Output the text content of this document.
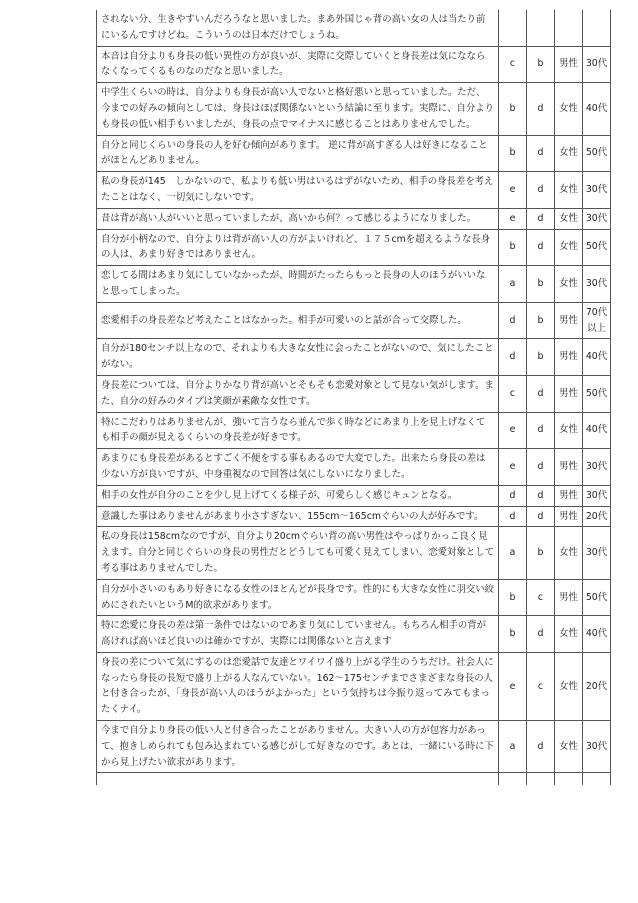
されない分、生きやすいんだろうなと思いました。まあ外国じゃ背の高い女の人は当たり前にいるんですけどね。こういうのは日本だけでしょうね。				
本音は自分よりも身長の低い異性の方が良いが、実際に交際していくと身長差は気になならなくなってくるものなのだなと思いました。	c	b	男性	30代
中学生くらいの時は、自分よりも身長が高い人でないと格好悪いと思っていました。ただ、今までの好みの傾向としては、身長はほぼ関係ないという結論に至ります。実際に、自分よりも身長の低い相手もいましたが、身長の点でマイナスに感じることはありませんでした。	b	d	女性	40代
自分と同じくらいの身長の人を好む傾向があります。 逆に背が高すぎる人は好きになることがほとんどありません。	b	d	女性	50代
私の身長が145　しかないので、私よりも低い男はいるはずがないため、相手の身長差を考えたことはなく、一切気にしないです。	e	d	女性	30代
昔は背が高い人がいいと思っていましたが、高いから何？って感じるようになりました。	e	d	女性	30代
自分が小柄なので、自分よりは背が高い人の方がよいけれど、１７５cmを超えるような長身の人は、あまり好きではありません。	b	d	女性	50代
恋してる間はあまり気にしていなかったが、時間がたったらもっと長身の人のほうがいいなと思ってしまった。	a	b	女性	30代
恋愛相手の身長差など考えたことはなかった。相手が可愛いのと話が合って交際した。	d	b	男性	70代以上
自分が180センチ以上なので、それよりも大きな女性に会ったことがないので、気にしたことがない。	d	b	男性	40代
身長差については、自分よりかなり背が高いとそもそも恋愛対象として見ない気がします。また、自分の好みのタイプは笑顔が素敵な女性です。	c	d	男性	50代
特にこだわりはありませんが、強いて言うなら並んで歩く時などにあまり上を見上げなくても相手の顔が見えるくらいの身長差が好きです。	e	d	女性	40代
あまりにも身長差があるとすごく不便をする事もあるので大変でした。出来たら身長の差は少ない方が良いですが、中身重視なので回答は気にしないになりました。	e	d	男性	30代
相手の女性が自分のことを少し見上げてくる様子が、可愛らしく感じキュンとなる。	d	d	男性	30代
意識した事はありませんがあまり小さすぎない、155cm〜165cmぐらいの人が好みです。	d	d	男性	20代
私の身長は158cmなのですが、自分より20cmぐらい背の高い男性はやっぱりかっこ良く見えます。自分と同じぐらいの身長の男性だとどうしても可愛く見えてしまい、恋愛対象として考る事はありませんでした。	a	b	女性	30代
自分が小さいのもあり好きになる女性のほとんどが長身です。性的にも大きな女性に羽交い絞めにされたいというM的欲求があります。	b	c	男性	50代
特に恋愛に身長の差は第一条件ではないのであまり気にしていません。もちろん相手の背が高ければ高いほど良いのは確かですが、実際には関係ないと言えます	b	d	女性	40代
身長の差について気にするのは恋愛話で友達とワイワイ盛り上がる学生のうちだけ。社会人になったら身長の長短で盛り上がる人なんていない。162〜175センチまでさまざまな身長の人と付き合ったが、「身長が高い人のほうがよかった」という気持ちは今振り返ってみてもまったくナイ。	e	c	女性	20代
今まで自分より身長の低い人と付き合ったことがありません。大きい人の方が包容力があって、抱きしめられても包み込まれている感じがして好きなのです。あとは、一緒にいる時に下から見上げたい欲求があります。	a	d	女性	30代
